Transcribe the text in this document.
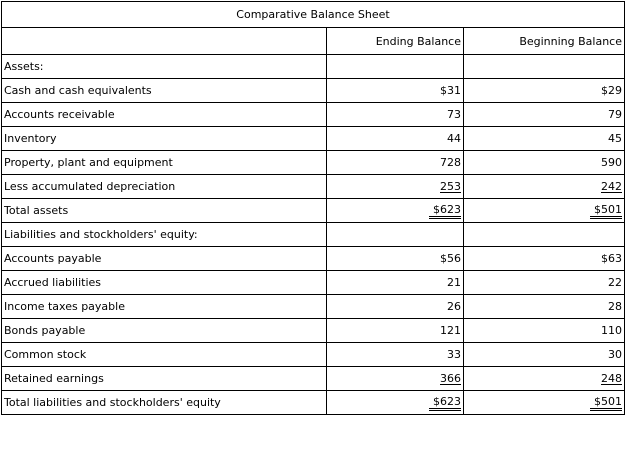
Comparative Balance Sheet		
	Ending Balance	Beginning Balance
Assets:		
Cash and cash equivalents	$31	$29
Accounts receivable	73	79
Inventory	44	45
Property, plant and equipment	728	590
Less accumulated depreciation	253	242
Total assets	$623	$501
Liabilities and stockholders' equity:		
Accounts payable	$56	$63
Accrued liabilities	21	22
Income taxes payable	26	28
Bonds payable	121	110
Common stock	33	30
Retained earnings	366	248
Total liabilities and stockholders' equity	$623	$501
